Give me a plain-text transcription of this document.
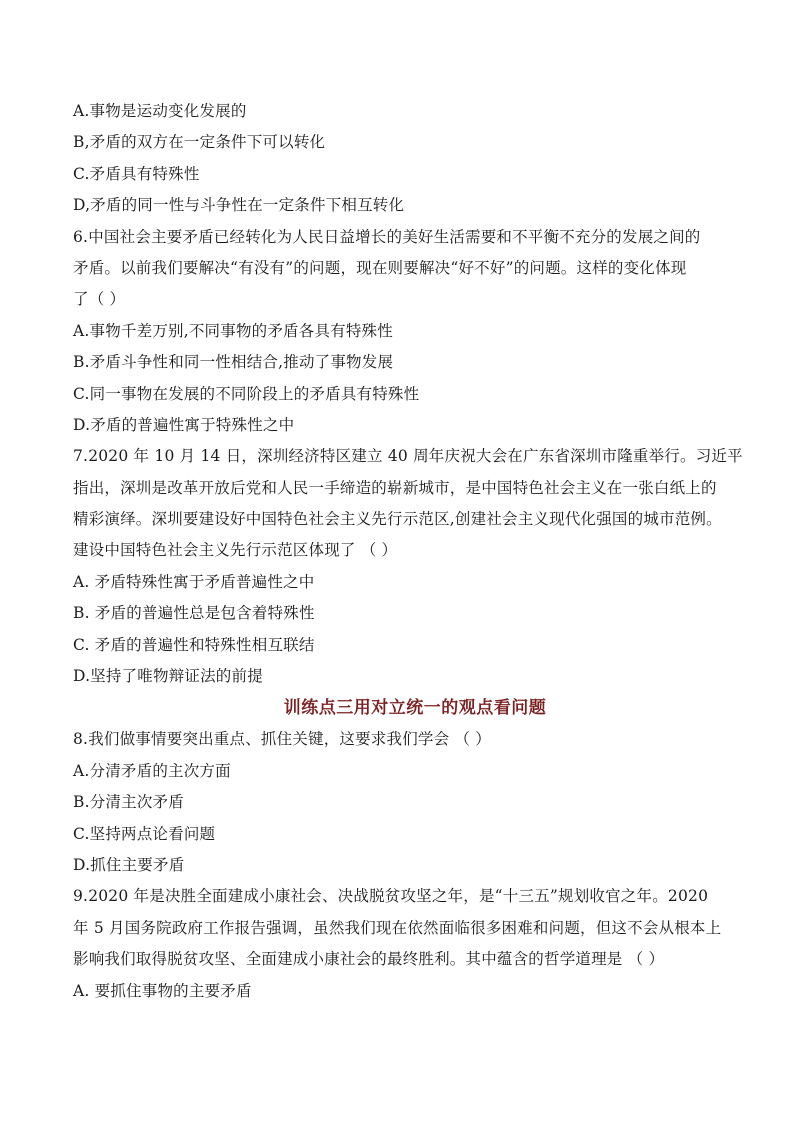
A.事物是运动变化发展的
B,矛盾的双方在一定条件下可以转化
C.矛盾具有特殊性
D,矛盾的同一性与斗争性在一定条件下相互转化
6.中国社会主要矛盾已经转化为人民日益增长的美好生活需要和不平衡不充分的发展之间的
矛盾。以前我们要解决“有没有”的问题，现在则要解决“好不好”的问题。这样的变化体现
了（ ）
A.事物千差万别,不同事物的矛盾各具有特殊性
B.矛盾斗争性和同一性相结合,推动了事物发展
C.同一事物在发展的不同阶段上的矛盾具有特殊性
D.矛盾的普遍性寓于特殊性之中
7.2020 年 10 月 14 日，深圳经济特区建立 40 周年庆祝大会在广东省深圳市隆重举行。习近平
指出，深圳是改革开放后党和人民一手缔造的崭新城市，是中国特色社会主义在一张白纸上的
精彩演绎。深圳要建设好中国特色社会主义先行示范区,创建社会主义现代化强国的城市范例。
建设中国特色社会主义先行示范区体现了 （ ）
A. 矛盾特殊性寓于矛盾普遍性之中
B. 矛盾的普遍性总是包含着特殊性
C. 矛盾的普遍性和特殊性相互联结
D.坚持了唯物辩证法的前提
训练点三用对立统一的观点看问题
8.我们做事情要突出重点、抓住关键，这要求我们学会 （ ）
A.分清矛盾的主次方面
B.分清主次矛盾
C.坚持两点论看问题
D.抓住主要矛盾
9.2020 年是决胜全面建成小康社会、决战脱贫攻坚之年，是“十三五”规划收官之年。2020
年 5 月国务院政府工作报告强调，虽然我们现在依然面临很多困难和问题，但这不会从根本上
影响我们取得脱贫攻坚、全面建成小康社会的最终胜利。其中蕴含的哲学道理是 （ ）
A. 要抓住事物的主要矛盾
